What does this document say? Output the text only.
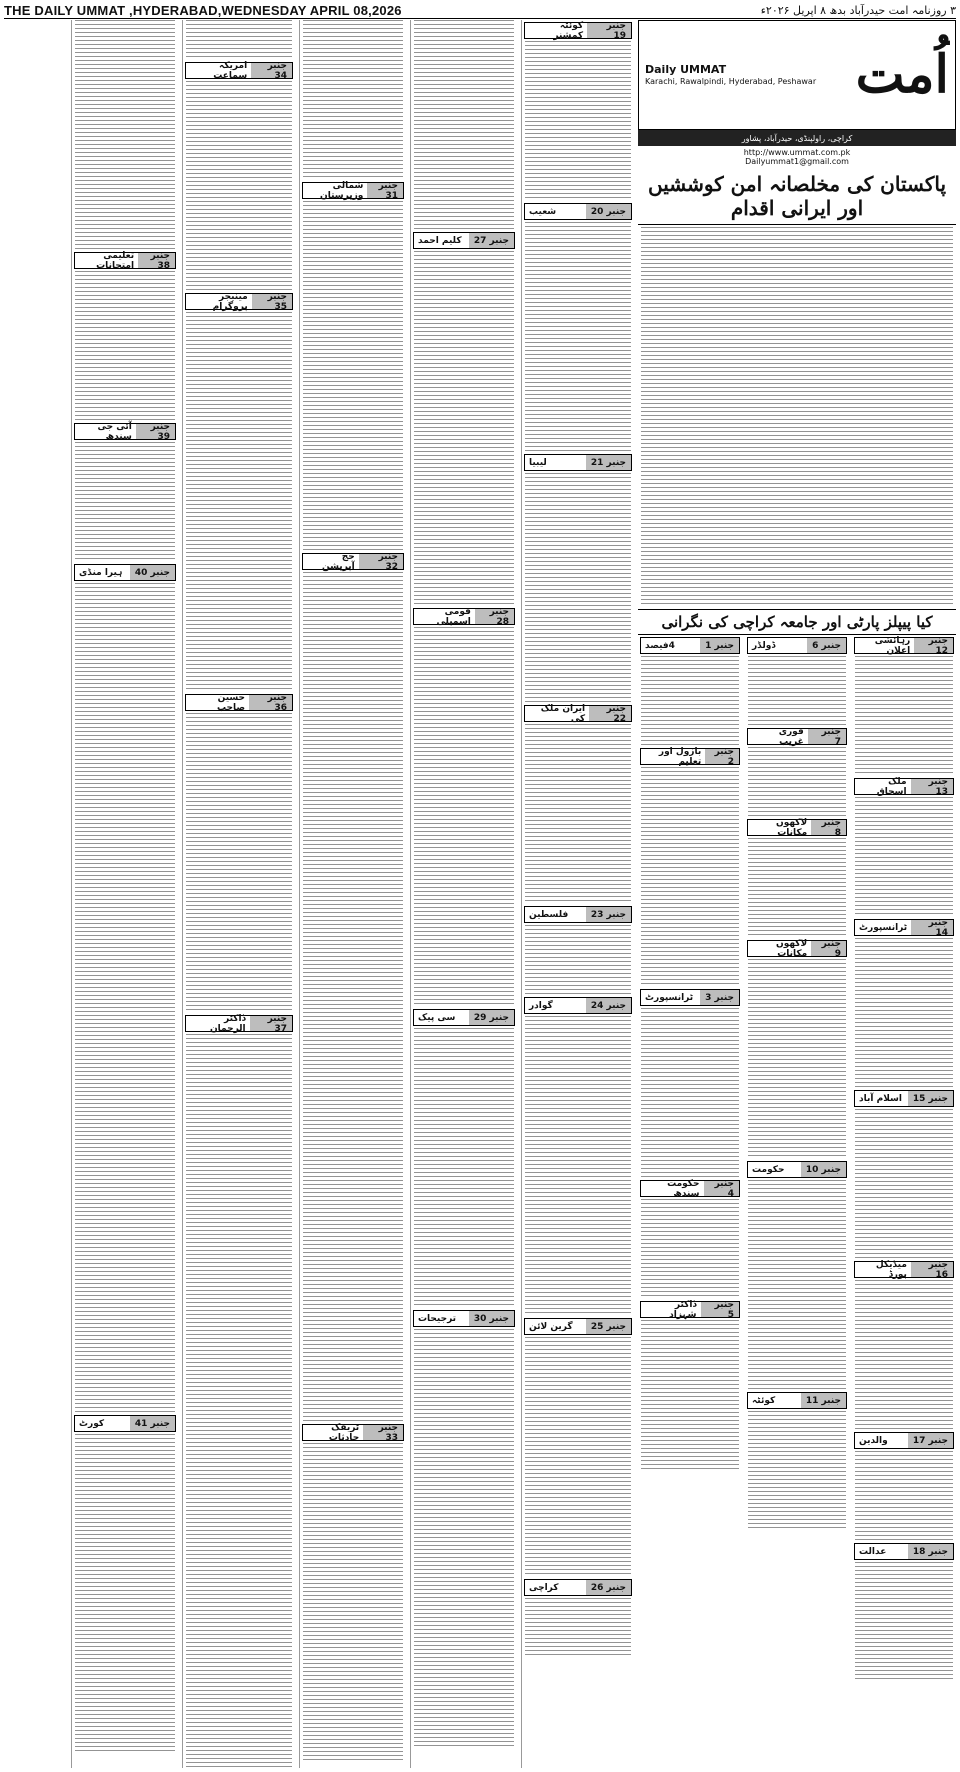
THE DAILY UMMAT ,HYDERABAD,WEDNESDAY APRIL 08,2026	۳ روزنامہ امت حیدرآباد بدھ ۸ اپریل ۲۰۲۶ء
اُمت
Daily UMMAT
Karachi, Rawalpindi, Hyderabad, Peshawar
کراچی، راولپنڈی، حیدرآباد، پشاور
http://www.ummat.com.pk
Dailyummat1@gmail.com
پاکستان کی مخلصانہ امن کوششیں اور ایرانی اقدام
کیا پیپلز پارٹی اور جامعہ کراچی کی نگرانی
جنبر 1
4فیصد
جنبر 2
بازول اور تعلیم
جنبر 3
ٹرانسپورٹ
جنبر 4
حکومت سندھ
جنبر 5
ڈاکٹر شہزاد
جنبر 6
ڈولڈر
جنبر 7
فوری غریب
جنبر 8
لاکھوں مکانات
جنبر 9
لاکھوں مکانات
جنبر 10
حکومت
جنبر 11
کوئٹہ
جنبر 12
رہائشی اعلان
جنبر 13
ملک اسحاق
جنبر 14
ٹرانسپورٹ
جنبر 15
اسلام آباد
جنبر 16
میڈیکل بورڈ
جنبر 17
والدین
جنبر 18
عدالت
جنبر 19
کوئٹہ کمشنر
جنبر 20
شعیب
جنبر 21
لیبیا
جنبر 22
ایران ملک کی
جنبر 23
فلسطین
جنبر 24
گوادر
جنبر 25
گرین لائن
جنبر 26
کراچی
جنبر 27
کلیم احمد
جنبر 28
قومی اسمبلی
جنبر 29
سی پیک
جنبر 30
ترجیحات
جنبر 31
شمالی وزیرستان
جنبر 32
حج آپریشن
جنبر 33
ٹریفک حادثات
جنبر 34
امریکہ سماعت
جنبر 35
مینیجر پروگرام
جنبر 36
حسین صاحب
جنبر 37
ڈاکٹر الرحمان
جنبر 38
تعلیمی امتحانات
جنبر 39
آئی جی سندھ
جنبر 40
ہیرا منڈی
جنبر 41
کورٹ
